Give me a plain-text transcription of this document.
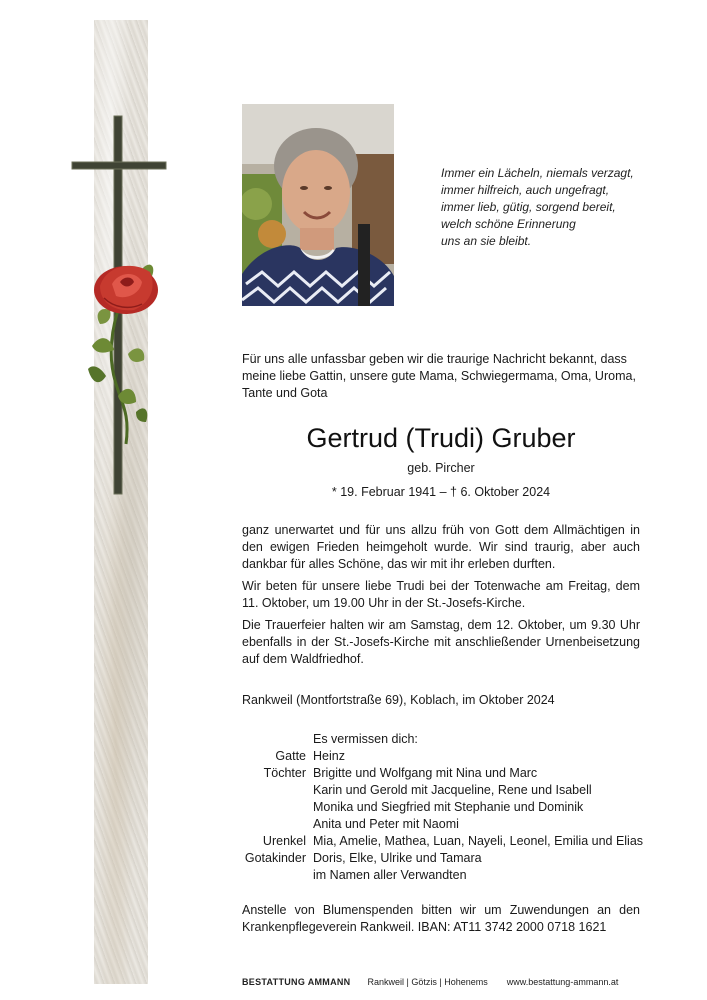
Immer ein Lächeln, niemals verzagt,
immer hilfreich, auch ungefragt,
immer lieb, gütig, sorgend bereit,
welch schöne Erinnerung
uns an sie bleibt.
Für uns alle unfassbar geben wir die traurige Nachricht bekannt, dass meine liebe Gattin, unsere gute Mama, Schwiegermama, Oma, Uroma, Tante und Gota
Gertrud (Trudi) Gruber
geb. Pircher
* 19. Februar 1941 – † 6. Oktober 2024
ganz unerwartet und für uns allzu früh von Gott dem Allmächtigen in den ewigen Frieden heimgeholt wurde. Wir sind traurig, aber auch dankbar für alles Schöne, das wir mit ihr erleben durften.
Wir beten für unsere liebe Trudi bei der Totenwache am Freitag, dem 11. Oktober, um 19.00 Uhr in der St.-Josefs-Kirche.
Die Trauerfeier halten wir am Samstag, dem 12. Oktober, um 9.30 Uhr ebenfalls in der St.-Josefs-Kirche mit anschließender Urnenbeisetzung auf dem Waldfriedhof.
Rankweil (Montfortstraße 69), Koblach, im Oktober 2024
Es vermissen dich:
Gatte Heinz
Töchter Brigitte und Wolfgang mit Nina und Marc
Karin und Gerold mit Jacqueline, Rene und Isabell
Monika und Siegfried mit Stephanie und Dominik
Anita und Peter mit Naomi
Urenkel Mia, Amelie, Mathea, Luan, Nayeli, Leonel, Emilia und Elias
Gotakinder Doris, Elke, Ulrike und Tamara
im Namen aller Verwandten
Anstelle von Blumenspenden bitten wir um Zuwendungen an den Krankenpflegeverein Rankweil. IBAN: AT11 3742 2000 0718 1621
BESTATTUNG AMMANN Rankweil | Götzis | Hohenems www.bestattung-ammann.at
